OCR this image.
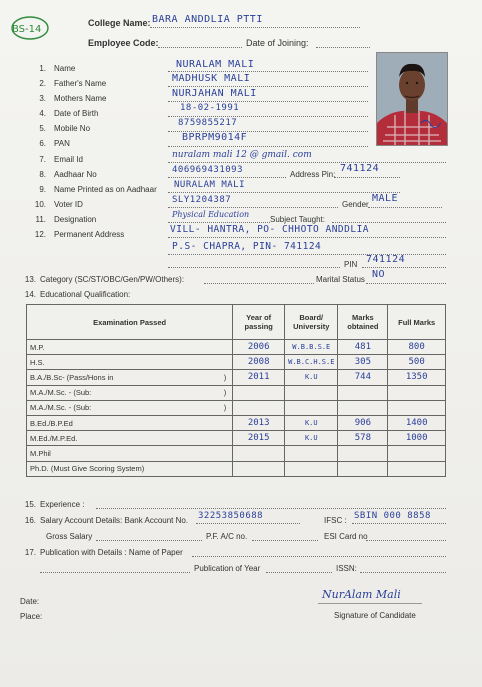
BS-14
College Name: BARA ANDDLIA PTTI
Employee Code:	Date of Joining:
1. Name	NURALAM MALI
2. Father's Name	MADHUSK MALI
3. Mothers Name	NURJAHAN MALI
4. Date of Birth
18-02-1991
5. Mobile No
8759855217
6. PAN
BPRPM9014F
7. Email Id	nuralam mali 12 @ gmail. com
8. Aadhaar No	406969431093	Address Pin:
741124
9. Name Printed as on Aadhaar NURALAM MALI
10. Voter ID	SLY1204387	Gender
MALE
11. Designation
Physical Education
Subject Taught:
12. Permanent Address	VILL- HANTRA, PO- CHHOTO ANDDLIA
P.S- CHAPRA, PIN- 741124
PIN 741124
13. Category (SC/ST/OBC/Gen/PW/Others):	Marital Status NO
14. Educational Qualification:
Examination Passed	Year of passing	Board/ University	Marks obtained	Full Marks
M.P.	2006	W.B.B.S.E	481	800
H.S.	2008	W.B.C.H.S.E	305	500
B.A./B.Sc- (Pass/Hons in )	2011	K.U	744	1350
M.A./M.Sc. - (Sub: )				

M.A./M.Sc. - (Sub: )				

B.Ed./B.P.Ed	2013	K.U	906	1400
M.Ed./M.P.Ed.	2015	K.U	578	1000
M.Phil

Ph.D. (Must Give Scoring System)

15. Experience :
16. Salary Account Details: Bank Account No. 32253850688	IFSC : SBIN 000 8858
Gross Salary	P.F. A/C no.	ESI Card no
17. Publication with Details : Name of Paper
Publication of Year	ISSN:
Date:
Place:
NurAlam Mali
Signature of Candidate
